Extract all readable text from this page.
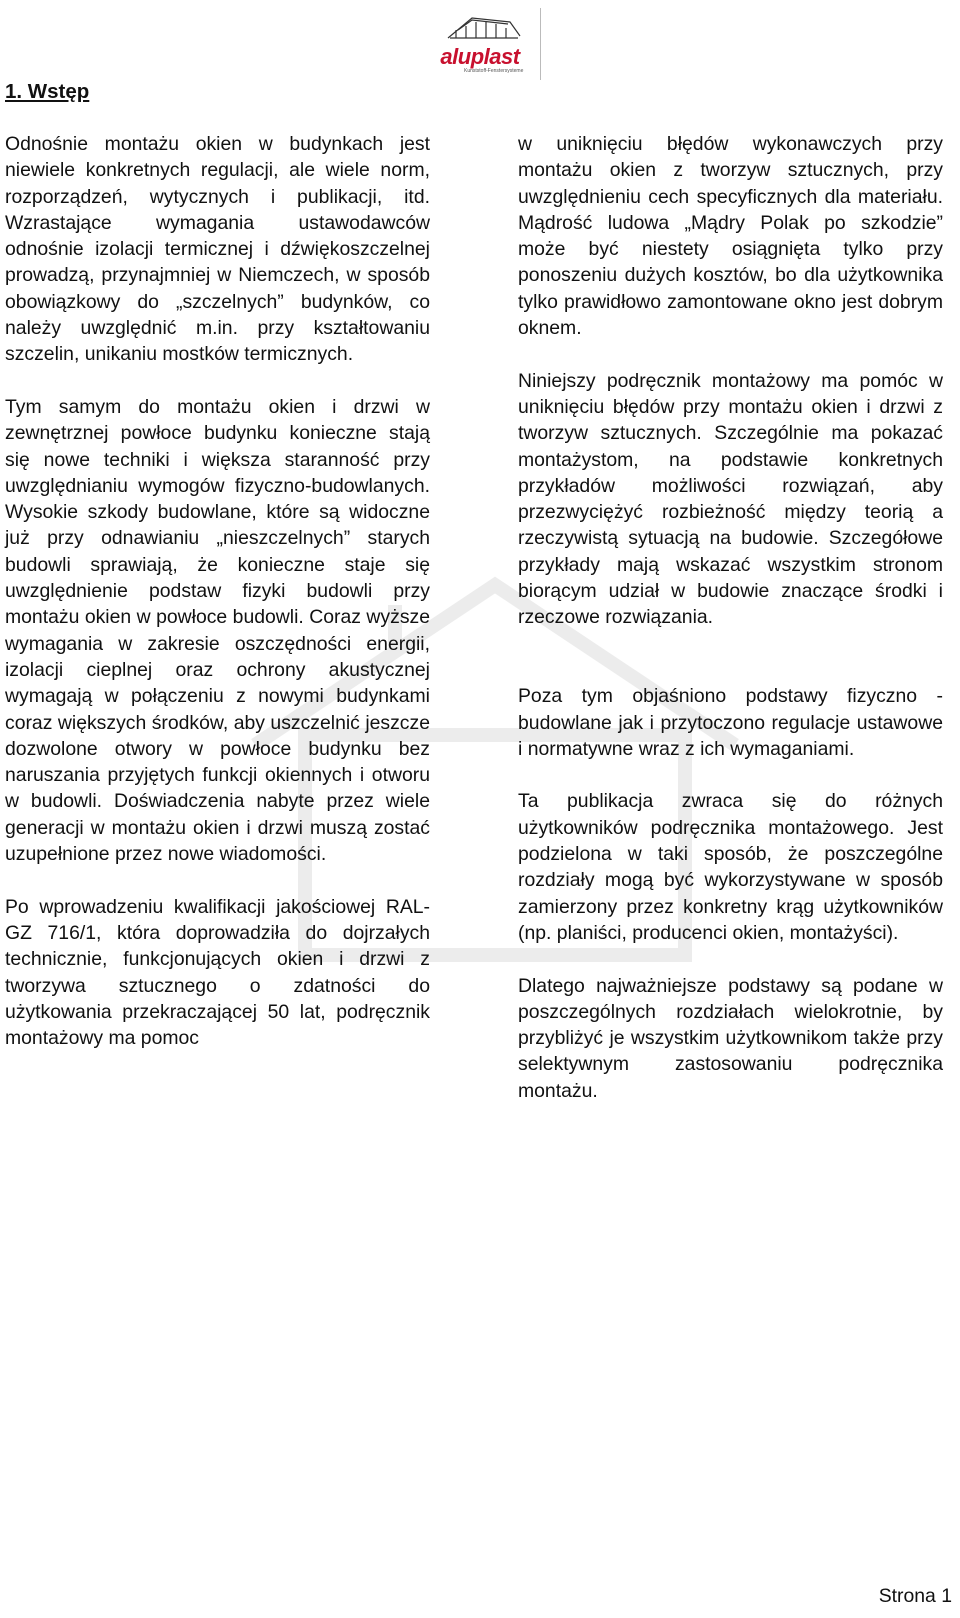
aluplast
Kunststoff-Fenstersysteme
1. Wstęp

Odnośnie montażu okien w budynkach jest niewiele konkretnych regulacji, ale wiele norm, rozporządzeń, wytycznych i publikacji, itd. Wzrastające wymagania ustawodawców odnośnie izolacji termicznej i dźwiękoszczelnej prowadzą, przynajmniej w Niemczech, w sposób obowiązkowy do „szczelnych” budynków, co należy uwzględnić m.in. przy kształtowaniu szczelin, unikaniu mostków termicznych.

Tym samym do montażu okien i drzwi w zewnętrznej powłoce budynku konieczne stają się nowe techniki i większa staranność przy uwzględnianiu wymogów fizyczno-budowlanych. Wysokie szkody budowlane, które są widoczne już przy odnawianiu „nieszczelnych” starych budowli sprawiają, że konieczne staje się uwzględnienie podstaw fizyki budowli przy montażu okien w powłoce budowli. Coraz wyższe wymagania w zakresie oszczędności energii, izolacji cieplnej oraz ochrony akustycznej wymagają w połączeniu z nowymi budynkami coraz większych środków, aby uszczelnić jeszcze dozwolone otwory w powłoce budynku bez naruszania przyjętych funkcji okiennych i otworu w budowli. Doświadczenia nabyte przez wiele generacji w montażu okien i drzwi muszą zostać uzupełnione przez nowe wiadomości.

Po wprowadzeniu kwalifikacji jakościowej RAL-GZ 716/1, która doprowadziła do dojrzałych technicznie, funkcjonujących okien i drzwi z tworzywa sztucznego o zdatności do użytkowania przekraczającej 50 lat, podręcznik montażowy ma pomoc

w uniknięciu błędów wykonawczych przy montażu okien z tworzyw sztucznych, przy uwzględnieniu cech specyficznych dla materiału. Mądrość ludowa „Mądry Polak po szkodzie” może być niestety osiągnięta tylko przy ponoszeniu dużych kosztów, bo dla użytkownika tylko prawidłowo zamontowane okno jest dobrym oknem.

Niniejszy podręcznik montażowy ma pomóc w uniknięciu błędów przy montażu okien i drzwi z tworzyw sztucznych. Szczególnie ma pokazać montażystom, na podstawie konkretnych przykładów możliwości rozwiązań, aby przezwyciężyć rozbieżność między teorią a rzeczywistą sytuacją na budowie. Szczegółowe przykłady mają wskazać wszystkim stronom biorącym udział w budowie znaczące środki i rzeczowe rozwiązania.

Poza tym objaśniono podstawy fizyczno - budowlane jak i przytoczono regulacje ustawowe i normatywne wraz z ich wymaganiami.

Ta publikacja zwraca się do różnych użytkowników podręcznika montażowego. Jest podzielona w taki sposób, że poszczególne rozdziały mogą być wykorzystywane w sposób zamierzony przez konkretny krąg użytkowników (np. planiści, producenci okien, montażyści).

Dlatego najważniejsze podstawy są podane w poszczególnych rozdziałach wielokrotnie, by przybliżyć je wszystkim użytkownikom także przy selektywnym zastosowaniu podręcznika montażu.

Strona 1
